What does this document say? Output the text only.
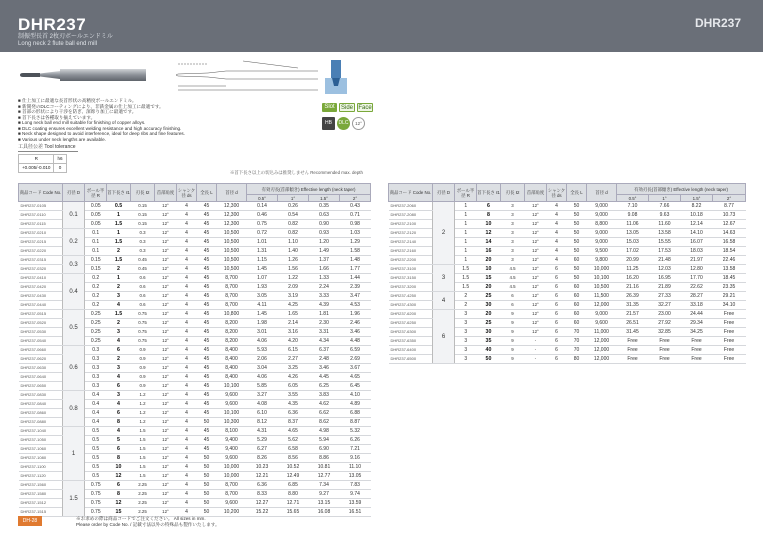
DHR237	DHR237
制振型長首 2枚刃ボールエンドミル
Long neck 2 flute ball end mill
■ 仕上加工に最適な長首形状の高精度ボールエンドミル。
■ 新開発のDLCコーティングにより、非鉄金属の仕上加工に最適です。
■ 首部の形状により干渉を防ぎ、深彫り加工に最適です。
■ 首下長さは各種取り揃えています。
■ Long neck ball end mill suitable for finishing of copper alloys.
■ DLC coating ensures excellent welding resistance and high accuracy finishing.
■ Neck shape designed to avoid interference, ideal for deep ribs and fine features.
■ Various under neck lengths are available.
Slot	Side Face
HB	DLC	12°
工具径公差 Tool tolerance
R	h6
+0.005/-0.010	0
※首下長さ以上の切込みは推奨しません Recommended max. depth
商品コード Code No.	刃径 D	ボール半径 R	首下長さ ℓ1	刃長 ℓ2	首部角度	シャンク径 ds	全長 L	首径 d	有効刃長(首部傾き) Effective length (neck taper)			
									0.5°	1°	1.5°	2°
DHR237-0105	0.1	0.05	0.5	0.15	12°	4	45	12,300	0.14	0.26	0.35	0.43
DHR237-0110		0.05	1	0.15	12°	4	45	12,300	0.46	0.54	0.63	0.71
DHR237-0115		0.05	1.5	0.15	12°	4	45	12,300	0.75	0.82	0.90	0.98
DHR237-0210	0.2	0.1	1	0.3	12°	4	45	10,500	0.72	0.82	0.93	1.03
DHR237-0215		0.1	1.5	0.3	12°	4	45	10,500	1.01	1.10	1.20	1.29
DHR237-0220		0.1	2	0.3	12°	4	45	10,500	1.31	1.40	1.49	1.58
DHR237-0315	0.3	0.15	1.5	0.45	12°	4	45	10,500	1.15	1.26	1.37	1.48
DHR237-0320		0.15	2	0.45	12°	4	45	10,500	1.45	1.56	1.66	1.77
DHR237-0410	0.4	0.2	1	0.6	12°	4	45	8,700	1.07	1.22	1.33	1.44
DHR237-0420		0.2	2	0.6	12°	4	45	8,700	1.93	2.09	2.24	2.39
DHR237-0430		0.2	3	0.6	12°	4	45	8,700	3.05	3.19	3.33	3.47
DHR237-0440		0.2	4	0.6	12°	4	45	8,700	4.11	4.25	4.39	4.53
DHR237-0515	0.5	0.25	1.5	0.75	12°	4	45	10,800	1.45	1.65	1.81	1.96
DHR237-0520		0.25	2	0.75	12°	4	45	8,200	1.98	2.14	2.30	2.46
DHR237-0530		0.25	3	0.75	12°	4	45	8,200	3.01	3.16	3.31	3.46
DHR237-0540		0.25	4	0.75	12°	4	45	8,200	4.06	4.20	4.34	4.48
DHR237-0660	0.6	0.3	6	0.9	12°	4	45	8,400	5.93	6.15	6.37	6.59
DHR237-0620		0.3	2	0.9	12°	4	45	8,400	2.06	2.27	2.48	2.69
DHR237-0630		0.3	3	0.9	12°	4	45	8,400	3.04	3.25	3.46	3.67
DHR237-0640		0.3	4	0.9	12°	4	45	8,400	4.06	4.26	4.45	4.65
DHR237-0650		0.3	6	0.9	12°	4	45	10,100	5.85	6.05	6.25	6.45
DHR237-0830	0.8	0.4	3	1.2	12°	4	45	9,600	3.27	3.55	3.83	4.10
DHR237-0840		0.4	4	1.2	12°	4	45	9,600	4.08	4.35	4.62	4.89
DHR237-0860		0.4	6	1.2	12°	4	45	10,100	6.10	6.36	6.62	6.88
DHR237-0880		0.4	8	1.2	12°	4	50	10,300	8.12	8.37	8.62	8.87
DHR237-1040	1	0.5	4	1.5	12°	4	45	8,100	4.31	4.65	4.98	5.32
DHR237-1050		0.5	5	1.5	12°	4	45	9,400	5.29	5.62	5.94	6.26
DHR237-1060		0.5	6	1.5	12°	4	45	9,400	6.27	6.58	6.90	7.21
DHR237-1080		0.5	8	1.5	12°	4	50	9,600	8.26	8.56	8.86	9.16
DHR237-1100		0.5	10	1.5	12°	4	50	10,000	10.23	10.52	10.81	11.10
DHR237-1120		0.5	12	1.5	12°	4	50	10,000	12.21	12.49	12.77	13.05
DHR237-1560	1.5	0.75	6	2.25	12°	4	50	8,700	6.36	6.85	7.34	7.83
DHR237-1580		0.75	8	2.25	12°	4	50	8,700	8.33	8.80	9.27	9.74
DHR237-1512		0.75	12	2.25	12°	4	50	9,600	12.27	12.71	13.15	13.59
DHR237-1515		0.75	15	2.25	12°	4	50	10,200	15.22	15.65	16.08	16.51
商品コード Code No.	刃径 D	ボール半径 R	首下長さ ℓ1	刃長 ℓ2	首部角度	シャンク径 ds	全長 L	首径 d	有効刃長(首部傾き) Effective length (neck taper)			
									0.5°	1°	1.5°	2°
DHR237-2060	2	1	6	3	12°	4	50	9,000	7.10	7.66	8.22	8.77
DHR237-2080		1	8	3	12°	4	50	9,000	9.08	9.63	10.18	10.73
DHR237-2100		1	10	3	12°	4	50	8,800	11.06	11.60	12.14	12.67
DHR237-2120		1	12	3	12°	4	50	9,000	13.05	13.58	14.10	14.63
DHR237-2140		1	14	3	12°	4	50	9,000	15.03	15.55	16.07	16.58
DHR237-2160		1	16	3	12°	4	50	9,500	17.02	17.53	18.03	18.54
DHR237-2200		1	20	3	12°	4	60	9,800	20.99	21.48	21.97	22.46
DHR237-3100	3	1.5	10	4.5	12°	6	50	10,000	11.25	12.03	12.80	13.58
DHR237-3150		1.5	15	4.5	12°	6	50	10,100	16.20	16.95	17.70	18.45
DHR237-3200		1.5	20	4.5	12°	6	60	10,500	21.16	21.89	22.62	23.35
DHR237-4250	4	2	25	6	12°	6	60	11,500	26.39	27.33	28.27	29.21
DHR237-4300		2	30	6	12°	6	60	12,000	31.35	32.27	33.18	34.10
DHR237-6200	6	3	20	9	12°	6	60	9,000	21.57	23.00	24.44	Free
DHR237-6250		3	25	9	12°	6	60	9,600	26.51	27.92	29.34	Free
DHR237-6300		3	30	9	12°	6	70	11,000	31.45	32.85	34.25	Free
DHR237-6350		3	35	9	-	6	70	12,000	Free	Free	Free	Free
DHR237-6400		3	40	9	-	6	70	12,000	Free	Free	Free	Free
DHR237-6500		3	50	9	-	6	80	12,000	Free	Free	Free	Free
DH-28	※お求めの際は商品コードでご注文ください。 All sizes in mm.
Please order by Code No. / 記載寸法以外の特殊品も製作いたします。
